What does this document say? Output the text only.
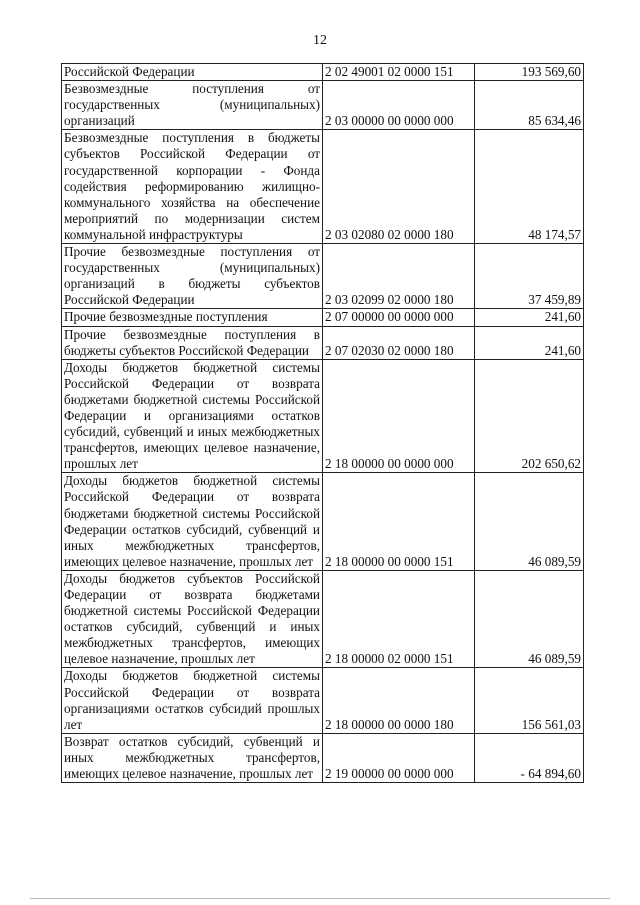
12
Российской Федерации	2 02 49001 02 0000 151	193 569,60
Безвозмездные поступления от государственных (муниципальных) организаций	2 03 00000 00 0000 000	85 634,46
Безвозмездные поступления в бюджеты субъектов Российской Федерации от государственной корпорации - Фонда содействия реформированию жилищно-коммунального хозяйства на обеспечение мероприятий по модернизации систем коммунальной инфраструктуры	2 03 02080 02 0000 180	48 174,57
Прочие безвозмездные поступления от государственных (муниципальных) организаций в бюджеты субъектов Российской Федерации	2 03 02099 02 0000 180	37 459,89
Прочие безвозмездные поступления	2 07 00000 00 0000 000	241,60
Прочие безвозмездные поступления в бюджеты субъектов Российской Федерации	2 07 02030 02 0000 180	241,60
Доходы бюджетов бюджетной системы Российской Федерации от возврата бюджетами бюджетной системы Российской Федерации и организациями остатков субсидий, субвенций и иных межбюджетных трансфертов, имеющих целевое назначение, прошлых лет	2 18 00000 00 0000 000	202 650,62
Доходы бюджетов бюджетной системы Российской Федерации от возврата бюджетами бюджетной системы Российской Федерации остатков субсидий, субвенций и иных межбюджетных трансфертов, имеющих целевое назначение, прошлых лет	2 18 00000 00 0000 151	46 089,59
Доходы бюджетов субъектов Российской Федерации от возврата бюджетами бюджетной системы Российской Федерации остатков субсидий, субвенций и иных межбюджетных трансфертов, имеющих целевое назначение, прошлых лет	2 18 00000 02 0000 151	46 089,59
Доходы бюджетов бюджетной системы Российской Федерации от возврата организациями остатков субсидий прошлых лет	2 18 00000 00 0000 180	156 561,03
Возврат остатков субсидий, субвенций и иных межбюджетных трансфертов, имеющих целевое назначение, прошлых лет	2 19 00000 00 0000 000	- 64 894,60
